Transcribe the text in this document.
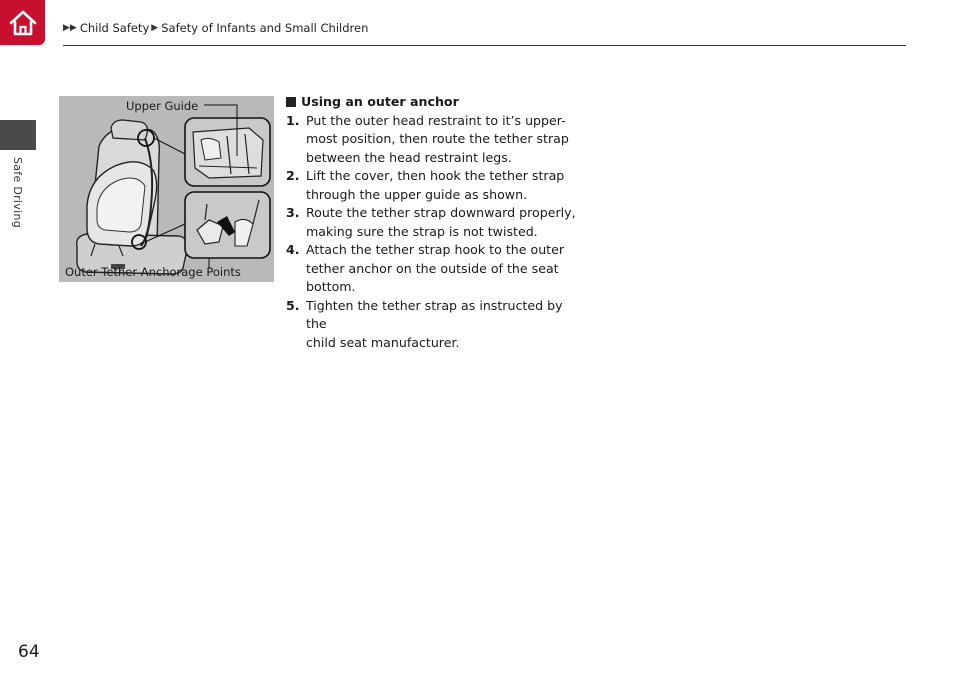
▶▶ Child Safety ▶ Safety of Infants and Small Children
Safe Driving
Upper Guide
Outer Tether Anchorage Points
Using an outer anchor
1. Put the outer head restraint to it’s upper-
most position, then route the tether strap
between the head restraint legs.
2. Lift the cover, then hook the tether strap
through the upper guide as shown.
3. Route the tether strap downward properly,
making sure the strap is not twisted.
4. Attach the tether strap hook to the outer
tether anchor on the outside of the seat
bottom.
5. Tighten the tether strap as instructed by the
child seat manufacturer.
64
